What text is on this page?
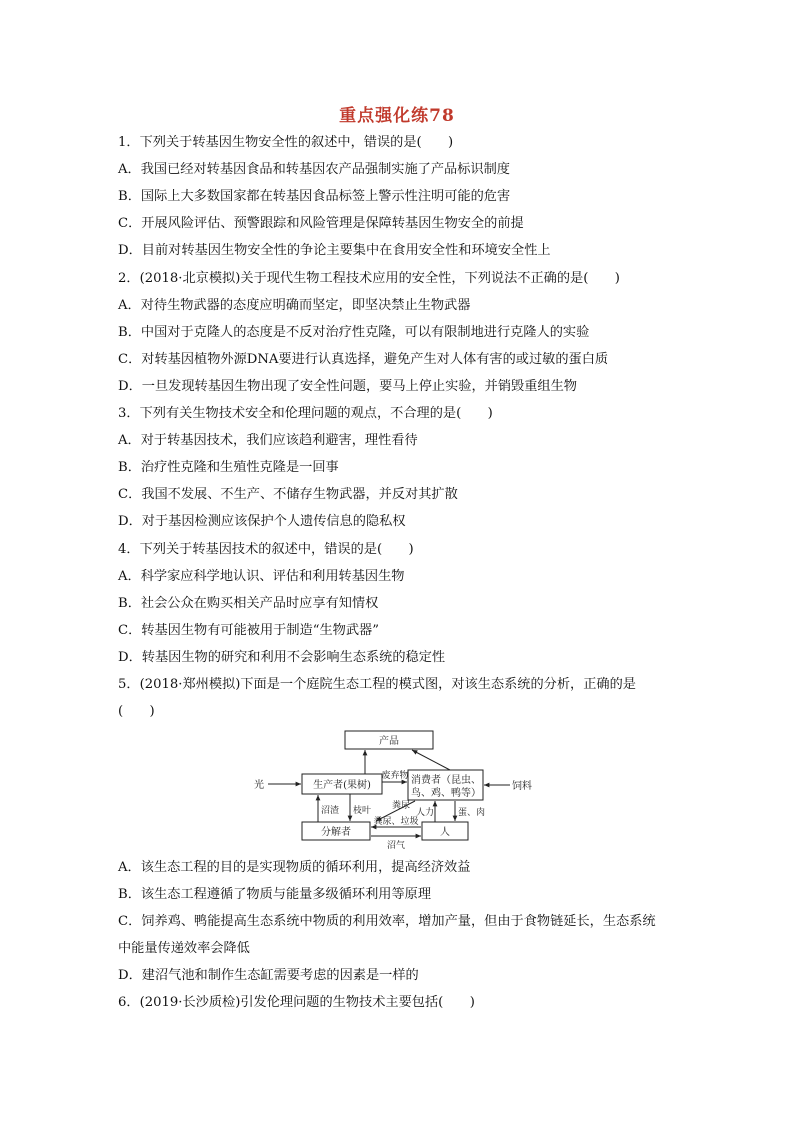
重点强化练78
1．下列关于转基因生物安全性的叙述中，错误的是(　　)
A．我国已经对转基因食品和转基因农产品强制实施了产品标识制度
B．国际上大多数国家都在转基因食品标签上警示性注明可能的危害
C．开展风险评估、预警跟踪和风险管理是保障转基因生物安全的前提
D．目前对转基因生物安全性的争论主要集中在食用安全性和环境安全性上
2．(2018·北京模拟)关于现代生物工程技术应用的安全性，下列说法不正确的是(　　)
A．对待生物武器的态度应明确而坚定，即坚决禁止生物武器
B．中国对于克隆人的态度是不反对治疗性克隆，可以有限制地进行克隆人的实验
C．对转基因植物外源DNA要进行认真选择，避免产生对人体有害的或过敏的蛋白质
D．一旦发现转基因生物出现了安全性问题，要马上停止实验，并销毁重组生物
3．下列有关生物技术安全和伦理问题的观点，不合理的是(　　)
A．对于转基因技术，我们应该趋利避害，理性看待
B．治疗性克隆和生殖性克隆是一回事
C．我国不发展、不生产、不储存生物武器，并反对其扩散
D．对于基因检测应该保护个人遗传信息的隐私权
4．下列关于转基因技术的叙述中，错误的是(　　)
A．科学家应科学地认识、评估和利用转基因生物
B．社会公众在购买相关产品时应享有知情权
C．转基因生物有可能被用于制造“生物武器”
D．转基因生物的研究和利用不会影响生态系统的稳定性
5．(2018·郑州模拟)下面是一个庭院生态工程的模式图，对该生态系统的分析，正确的是
(　　)
产品
光	生产者(果树)
废弃物 消费者（昆虫、
鸟、鸡、鸭等）
饲料
沼渣 枝叶 粪尿
人力	蛋、肉
分解者
粪尿、垃圾
人
沼气
A．该生态工程的目的是实现物质的循环利用，提高经济效益
B．该生态工程遵循了物质与能量多级循环利用等原理
C．饲养鸡、鸭能提高生态系统中物质的利用效率，增加产量，但由于食物链延长，生态系统
中能量传递效率会降低
D．建沼气池和制作生态缸需要考虑的因素是一样的
6．(2019·长沙质检)引发伦理问题的生物技术主要包括(　　)
